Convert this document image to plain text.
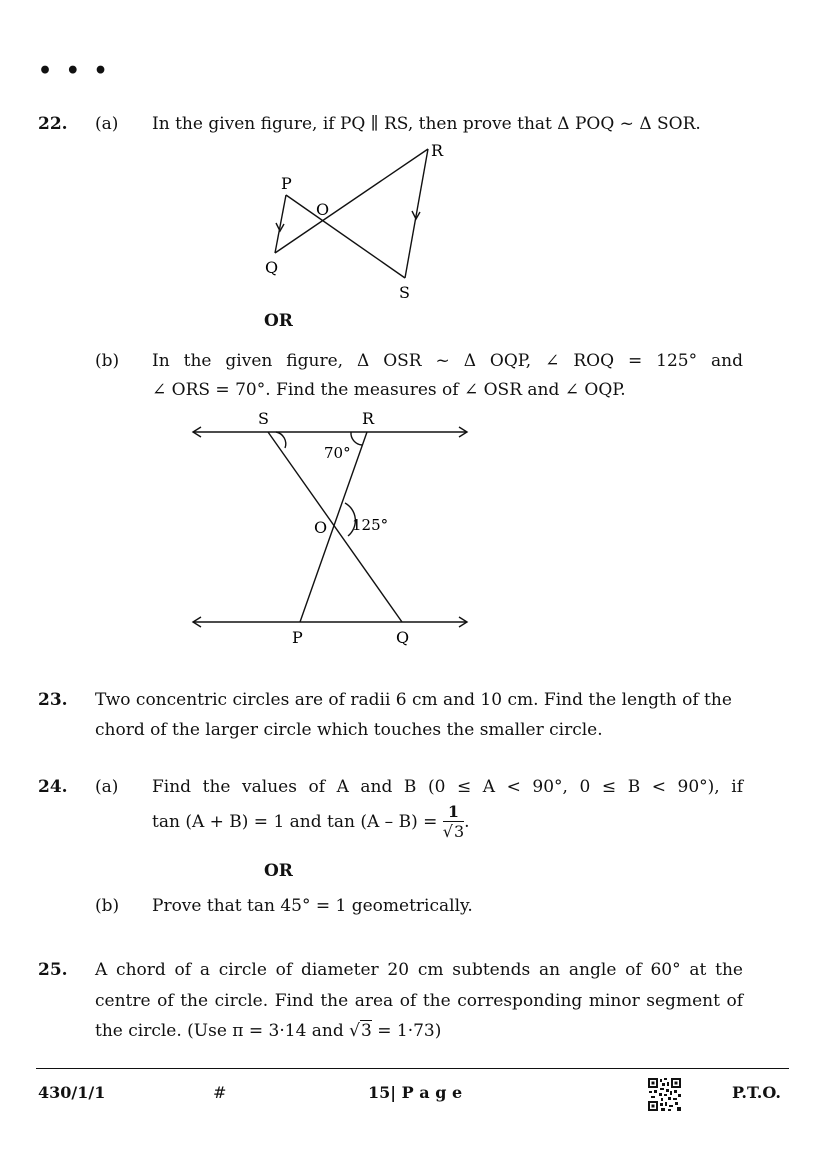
• • •
22. (a) In the given figure, if PQ ∥ RS, then prove that Δ POQ ~ Δ SOR.
P
Q
O
R
S
OR
(b) In the given figure, Δ OSR ~ Δ OQP, ∠ ROQ = 125° and
∠ ORS = 70°. Find the measures of ∠ OSR and ∠ OQP.
S	R
70°
O 125°
P	Q
23. Two concentric circles are of radii 6 cm and 10 cm. Find the length of the
chord of the larger circle which touches the smaller circle.
24. (a) Find the values of A and B (0 ≤ A < 90°, 0 ≤ B < 90°), if
tan (A + B) = 1 and $\tan (A - B) = \frac{1}{√3}$ .
OR
(b) Prove that tan 45° = 1 geometrically.
25. A chord of a circle of diameter 20 cm subtends an angle of 60° at the
centre of the circle. Find the area of the corresponding minor segment of
the circle. (Use π = 3·14 and √3 = 1·73)
430/1/1	#	15| P a g e	P.T.O.
